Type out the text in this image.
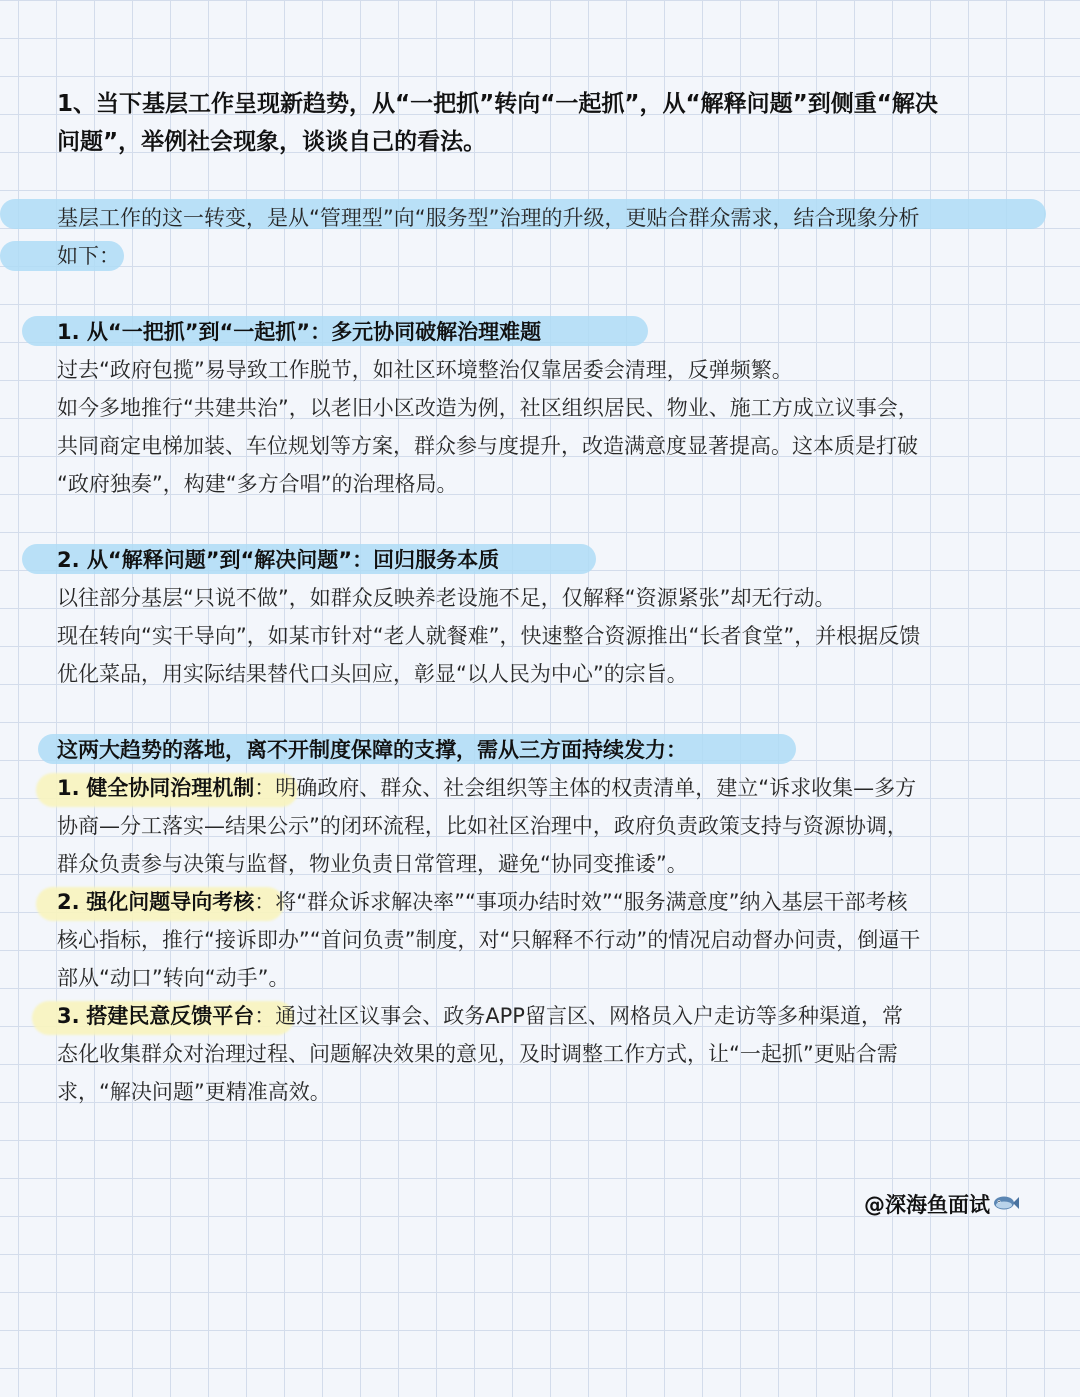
1、当下基层工作呈现新趋势，从“一把抓”转向“一起抓”，从“解释问题”到侧重“解决
问题”，举例社会现象，谈谈自己的看法。
基层工作的这一转变，是从“管理型”向“服务型”治理的升级，更贴合群众需求，结合现象分析
如下：
1. 从“一把抓”到“一起抓”：多元协同破解治理难题
过去“政府包揽”易导致工作脱节，如社区环境整治仅靠居委会清理，反弹频繁。
如今多地推行“共建共治”，以老旧小区改造为例，社区组织居民、物业、施工方成立议事会，
共同商定电梯加装、车位规划等方案，群众参与度提升，改造满意度显著提高。这本质是打破
“政府独奏”，构建“多方合唱”的治理格局。
2. 从“解释问题”到“解决问题”：回归服务本质
以往部分基层“只说不做”，如群众反映养老设施不足，仅解释“资源紧张”却无行动。
现在转向“实干导向”，如某市针对“老人就餐难”，快速整合资源推出“长者食堂”，并根据反馈
优化菜品，用实际结果替代口头回应，彰显“以人民为中心”的宗旨。
这两大趋势的落地，离不开制度保障的支撑，需从三方面持续发力：
1. 健全协同治理机制：明确政府、群众、社会组织等主体的权责清单，建立“诉求收集—多方
协商—分工落实—结果公示”的闭环流程，比如社区治理中，政府负责政策支持与资源协调，
群众负责参与决策与监督，物业负责日常管理，避免“协同变推诿”。
2. 强化问题导向考核：将“群众诉求解决率”“事项办结时效”“服务满意度”纳入基层干部考核
核心指标，推行“接诉即办”“首问负责”制度，对“只解释不行动”的情况启动督办问责，倒逼干
部从“动口”转向“动手”。
3. 搭建民意反馈平台：通过社区议事会、政务APP留言区、网格员入户走访等多种渠道，常
态化收集群众对治理过程、问题解决效果的意见，及时调整工作方式，让“一起抓”更贴合需
求，“解决问题”更精准高效。
@深海鱼面试
